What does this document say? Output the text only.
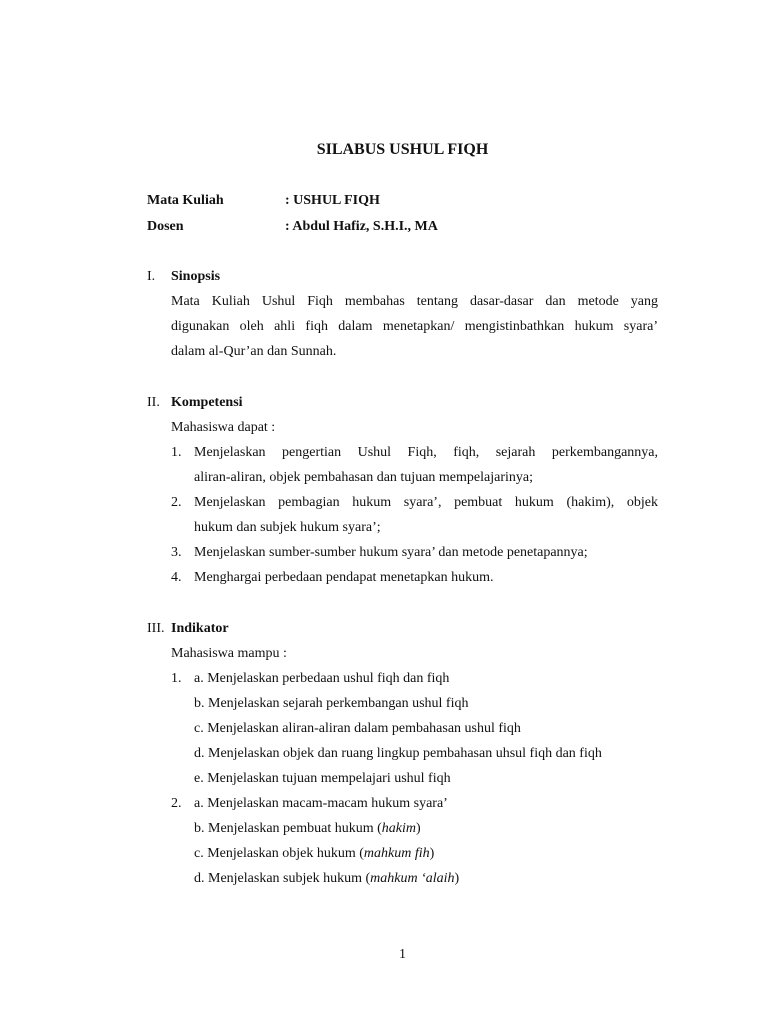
SILABUS USHUL FIQH
Mata Kuliah	: USHUL FIQH
Dosen	: Abdul Hafiz, S.H.I., MA
I. Sinopsis
Mata Kuliah Ushul Fiqh membahas tentang dasar-dasar dan metode yang
digunakan oleh ahli fiqh dalam menetapkan/ mengistinbathkan hukum syara’
dalam al-Qur’an dan Sunnah.
II. Kompetensi
Mahasiswa dapat :
1. Menjelaskan pengertian Ushul Fiqh, fiqh, sejarah perkembangannya,
aliran-aliran, objek pembahasan dan tujuan mempelajarinya;
2. Menjelaskan pembagian hukum syara’, pembuat hukum (hakim), objek
hukum dan subjek hukum syara’;
3. Menjelaskan sumber-sumber hukum syara’ dan metode penetapannya;
4. Menghargai perbedaan pendapat menetapkan hukum.
III. Indikator
Mahasiswa mampu :
1. a. Menjelaskan perbedaan ushul fiqh dan fiqh
b. Menjelaskan sejarah perkembangan ushul fiqh
c. Menjelaskan aliran-aliran dalam pembahasan ushul fiqh
d. Menjelaskan objek dan ruang lingkup pembahasan uhsul fiqh dan fiqh
e. Menjelaskan tujuan mempelajari ushul fiqh
2. a. Menjelaskan macam-macam hukum syara’
b. Menjelaskan pembuat hukum (hakim)
c. Menjelaskan objek hukum (mahkum fih)
d. Menjelaskan subjek hukum (mahkum ‘alaih)
1
